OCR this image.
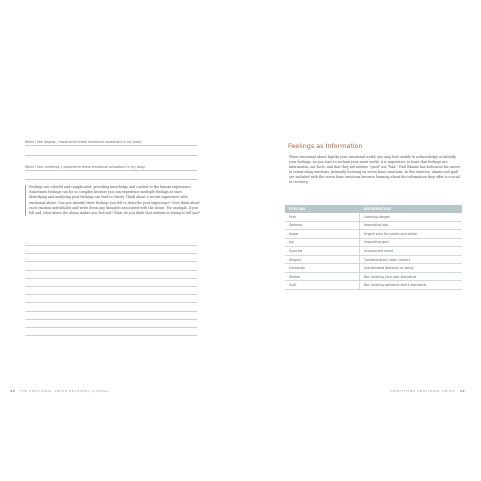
When I feel disgust, I experience these emotional sensations in my body:
When I feel contempt, I experience these emotional sensations in my body:
Feelings are colorful and complicated, providing knowledge and context to the human experience. Sometimes feelings can be so complex because you can experience multiple feelings at once. Identifying and analyzing your feelings can lead to clarity. Think about a recent experience with emotional abuse. Can you identify three feelings you felt to describe your experience? Now think about each emotion individually and write down any thoughts associated with the abuse. For example, if you felt sad, what about the abuse makes you feel sad? What do you think that sadness is trying to tell you?
48 THE EMOTIONAL ABUSE RECOVERY JOURNAL
Feelings as Information
When emotional abuse hijacks your emotional world, you may find unable to acknowledge or identify your feelings. As you start to reclaim your inner world, it is imperative to learn that feelings are information, not facts, and that they are neither "good" nor "bad." Paul Ekman has dedicated his career to researching emotions, primarily focusing on seven basic emotions. In this exercise, shame and guilt are included with the seven basic emotions because learning about the information they offer is crucial to recovery.
FEELING	INFORMATION
Fear	Looming danger
Sadness	Impending loss
Anger	Urgent plea for justice and action
Joy	Impending gain
Surprise	Unexpected event
Disgust	Contamination, toxic contact
Contempt	Substandard behavior or being
Shame	Not meeting your own standards
Guilt	Not meeting someone else's standards
IDENTIFYING EMOTIONAL ABUSE 49
